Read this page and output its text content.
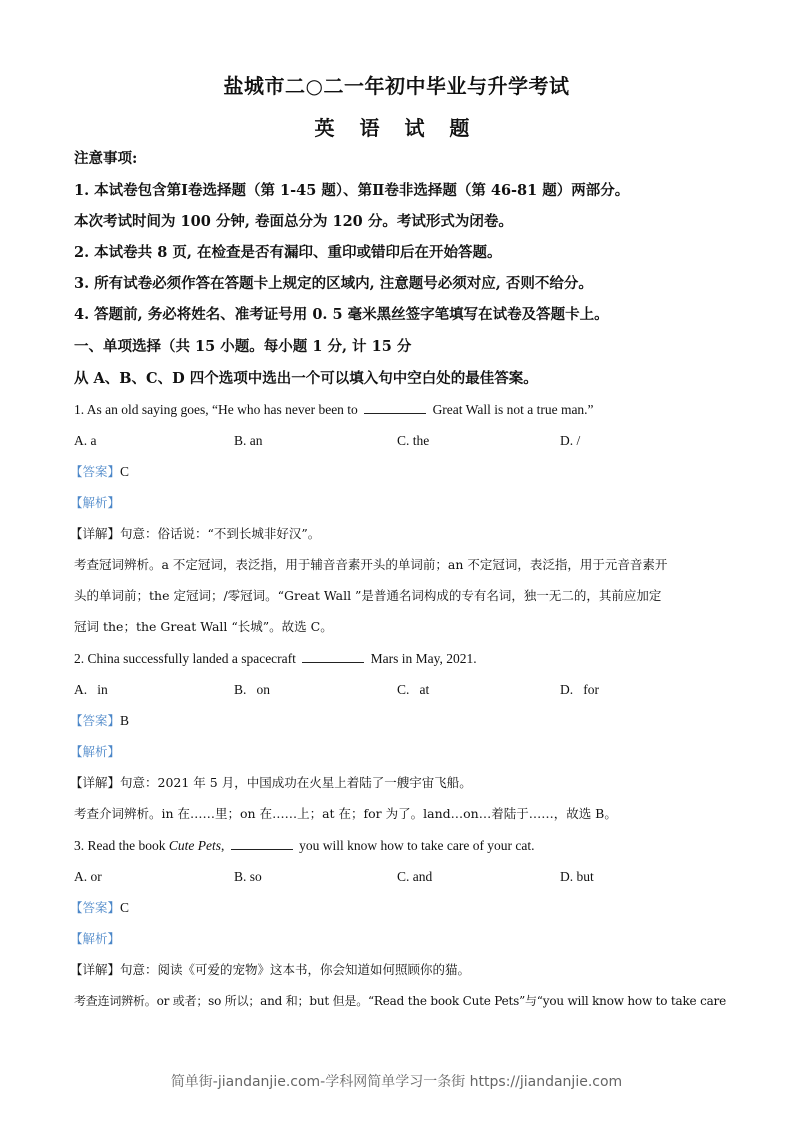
盐城市二○二一年初中毕业与升学考试
英 语 试 题
注意事项:
1. 本试卷包含第Ⅰ卷选择题（第 1-45 题）、第Ⅱ卷非选择题（第 46-81 题）两部分。
本次考试时间为 100 分钟, 卷面总分为 120 分。考试形式为闭卷。
2. 本试卷共 8 页, 在检查是否有漏印、重印或错印后在开始答题。
3. 所有试卷必须作答在答题卡上规定的区域内, 注意题号必须对应, 否则不给分。
4. 答题前, 务必将姓名、准考证号用 0. 5 毫米黑丝签字笔填写在试卷及答题卡上。
一、单项选择（共 15 小题。每小题 1 分, 计 15 分
从 A、B、C、D 四个选项中选出一个可以填入句中空白处的最佳答案。
1. As an old saying goes, “He who has never been to	Great Wall is not a true man.”
A. a	B. an	C. the	D. /
【答案】C
【解析】
【详解】句意：俗话说：“不到长城非好汉”。
考查冠词辨析。a 不定冠词，表泛指，用于辅音音素开头的单词前；an 不定冠词，表泛指，用于元音音素开
头的单词前；the 定冠词；/零冠词。“Great Wall ”是普通名词构成的专有名词，独一无二的，其前应加定
冠词 the；the Great Wall “长城”。故选 C。
2. China successfully landed a spacecraft	Mars in May, 2021.
A.   in	B.   on	C.   at	D.   for
【答案】B
【解析】
【详解】句意：2021 年 5 月，中国成功在火星上着陆了一艘宇宙飞船。
考查介词辨析。in 在……里；on 在……上；at 在；for 为了。land…on…着陆于……，故选 B。
3. Read the book Cute Pets,	you will know how to take care of your cat.
A. or	B. so	C. and	D. but
【答案】C
【解析】
【详解】句意：阅读《可爱的宠物》这本书，你会知道如何照顾你的猫。
考查连词辨析。or 或者；so 所以；and 和；but 但是。“Read the book Cute Pets”与“you will know how to take care
简单街-jiandanjie.com-学科网简单学习一条街 https://jiandanjie.com
